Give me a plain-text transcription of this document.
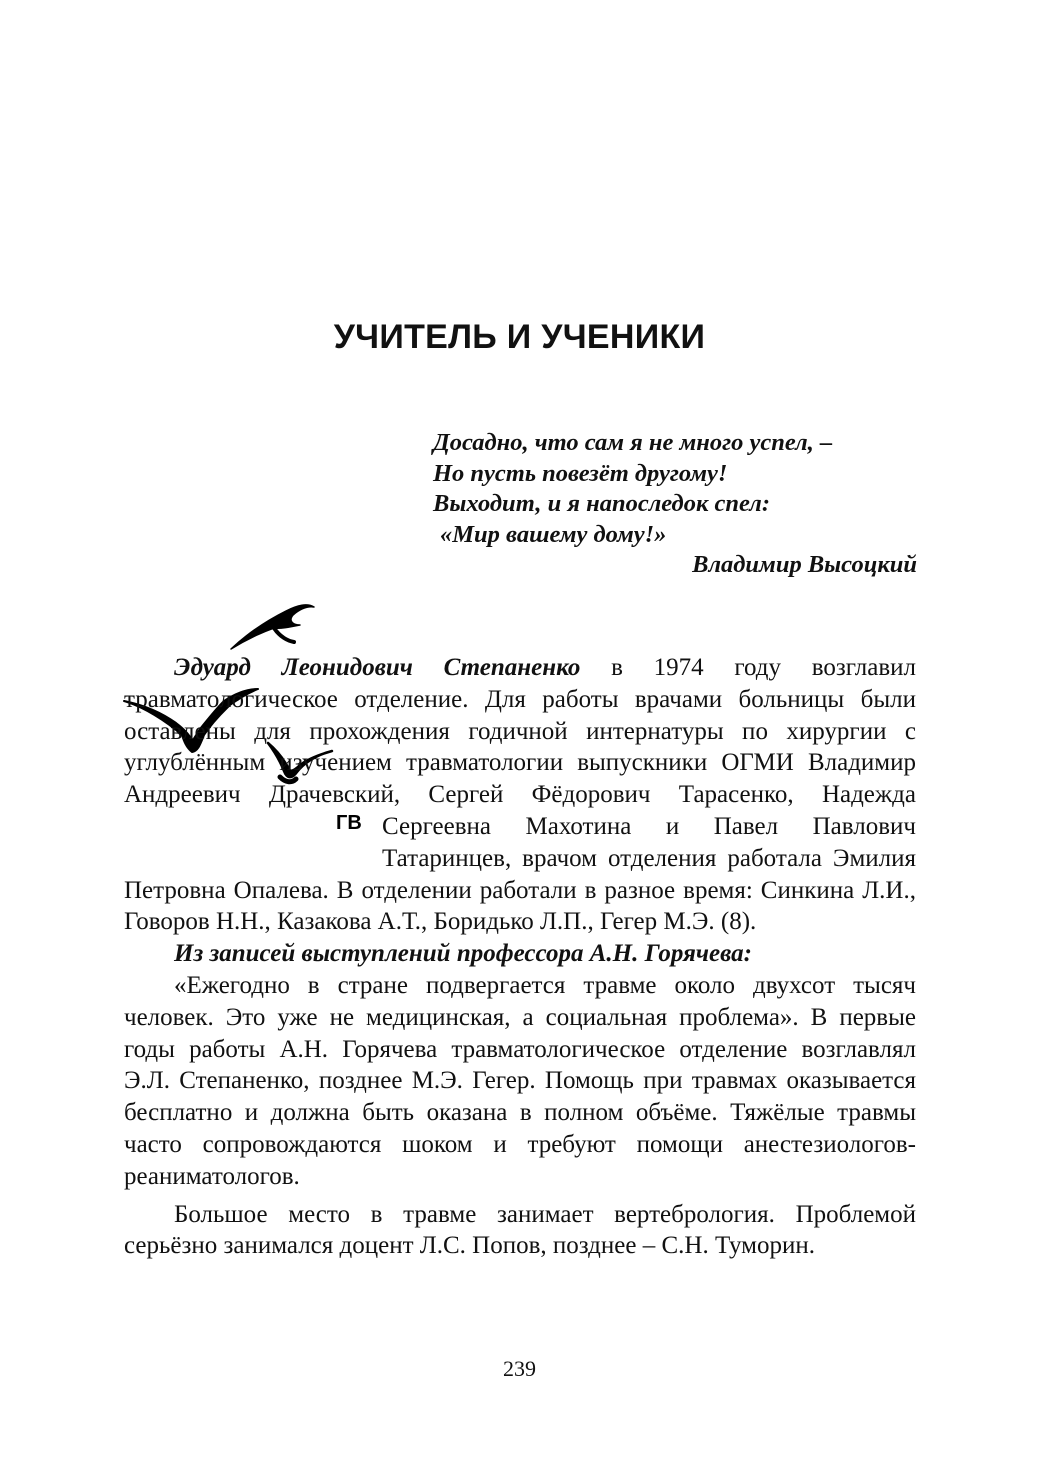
УЧИТЕЛЬ И УЧЕНИКИ
Досадно, что сам я не много успел, –
Но пусть повезёт другому!
Выходит, и я напоследок спел:
«Мир вашему дому!»
Владимир Высоцкий
ГВ

Эдуард Леонидович Степаненко в 1974 году возглавил травматологическое отделение. Для работы врачами больницы были оставлены для прохождения годичной интернатуры по хирургии с углублённым изучением травматологии выпускники ОГМИ Владимир Андреевич Драчевский, Сергей Фёдорович Тарасенко, Надежда Сергеевна Махотина и Павел Павлович Татаринцев, врачом отделения работала Эмилия Петровна Опалева. В отделении работали в разное время: Синкина Л.И., Говоров Н.Н., Казакова А.Т., Боридько Л.П., Гегер М.Э. (8).

Из записей выступлений профессора А.Н. Горячева:

«Ежегодно в стране подвергается травме около двухсот тысяч человек. Это уже не медицинская, а социальная проблема». В первые годы работы А.Н. Горячева травматологическое отделение возглавлял Э.Л. Степаненко, позднее М.Э. Гегер. Помощь при травмах оказывается бесплатно и должна быть оказана в полном объёме. Тяжёлые травмы часто сопровождаются шоком и требуют помощи анестезиологов-реаниматологов.

Большое место в травме занимает вертебрология. Проблемой серьёзно занимался доцент Л.С. Попов, позднее – С.Н. Туморин.

239
